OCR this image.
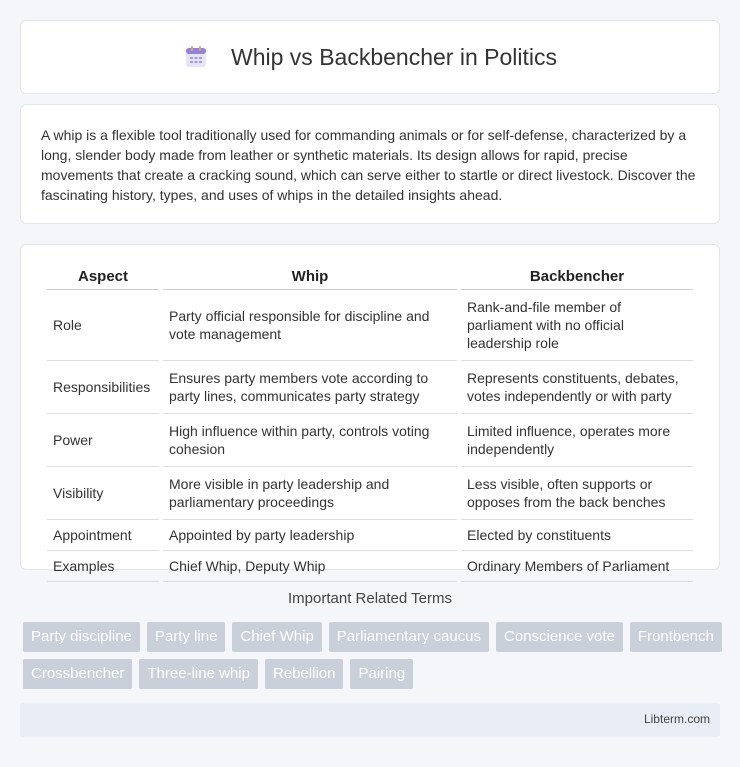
Whip vs Backbencher in Politics

A whip is a flexible tool traditionally used for commanding animals or for self-defense, characterized by a long, slender body made from leather or synthetic materials. Its design allows for rapid, precise movements that create a cracking sound, which can serve either to startle or direct livestock. Discover the fascinating history, types, and uses of whips in the detailed insights ahead.

Aspect	Whip	Backbencher
Role	Party official responsible for discipline and vote management	Rank-and-file member of parliament with no official leadership role
Responsibilities	Ensures party members vote according to party lines, communicates party strategy	Represents constituents, debates, votes independently or with party
Power	High influence within party, controls voting cohesion	Limited influence, operates more independently
Visibility	More visible in party leadership and parliamentary proceedings	Less visible, often supports or opposes from the back benches
Appointment	Appointed by party leadership	Elected by constituents
Examples	Chief Whip, Deputy Whip	Ordinary Members of Parliament
Important Related Terms
Party discipline	Party line	Chief Whip	Parliamentary caucus	Conscience vote	Frontbench
Crossbencher	Three-line whip	Rebellion	Pairing
Libterm.com
